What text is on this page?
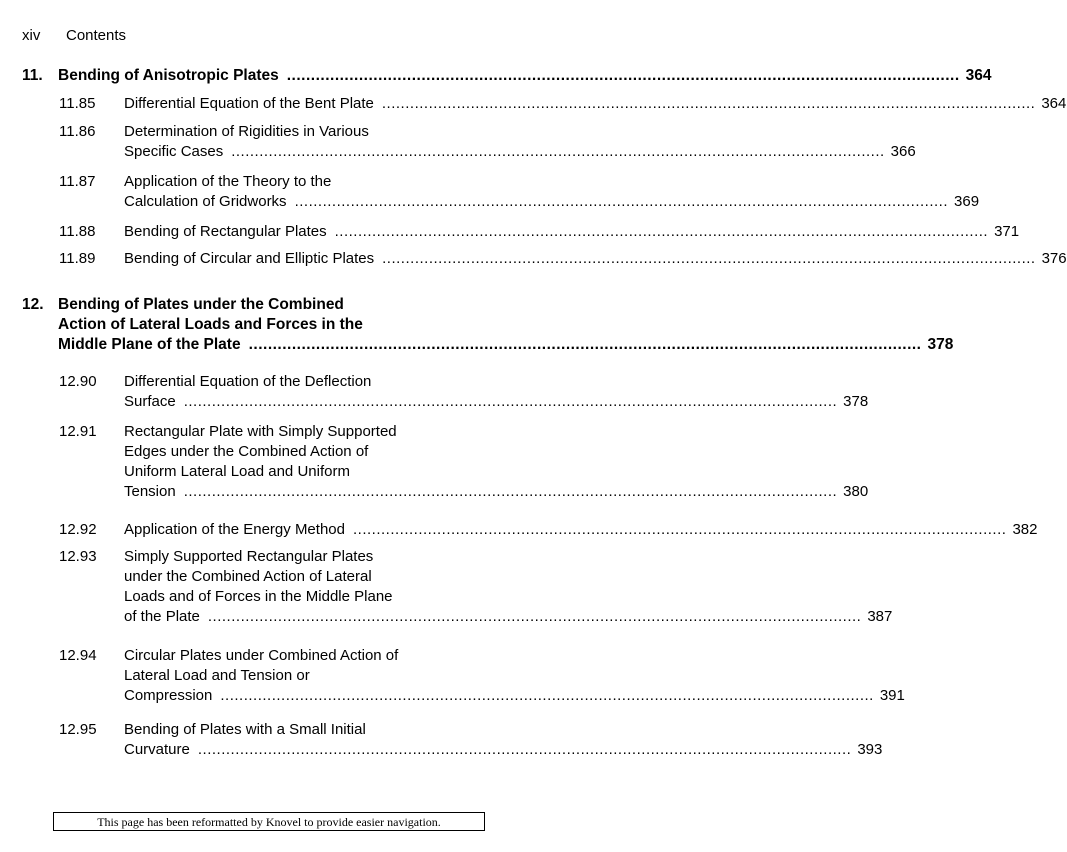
xiv Contents
11. Bending of Anisotropic Plates ............................................................................................................................................ 364
11.85 Differential Equation of the Bent Plate ............................................................................................................................................ 364
11.86 Determination of Rigidities in Various
Specific Cases ............................................................................................................................................ 366
11.87 Application of the Theory to the
Calculation of Gridworks ............................................................................................................................................ 369
11.88 Bending of Rectangular Plates ............................................................................................................................................ 371
11.89 Bending of Circular and Elliptic Plates ............................................................................................................................................ 376
12. Bending of Plates under the Combined
Action of Lateral Loads and Forces in the
Middle Plane of the Plate ............................................................................................................................................ 378
12.90 Differential Equation of the Deflection
Surface ............................................................................................................................................ 378
12.91 Rectangular Plate with Simply Supported
Edges under the Combined Action of
Uniform Lateral Load and Uniform
Tension ............................................................................................................................................ 380
12.92 Application of the Energy Method ............................................................................................................................................ 382
12.93 Simply Supported Rectangular Plates
under the Combined Action of Lateral
Loads and of Forces in the Middle Plane
of the Plate ............................................................................................................................................ 387
12.94 Circular Plates under Combined Action of
Lateral Load and Tension or
Compression ............................................................................................................................................ 391
12.95 Bending of Plates with a Small Initial
Curvature ............................................................................................................................................ 393
This page has been reformatted by Knovel to provide easier navigation.
